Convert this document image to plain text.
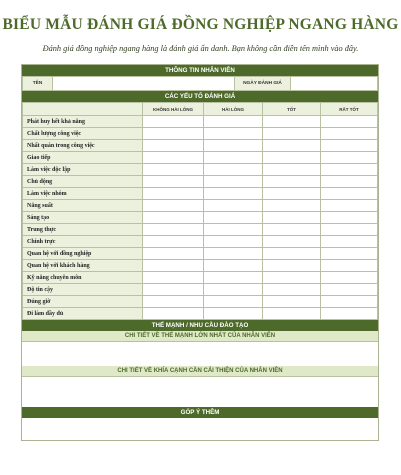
BIỂU MẪU ĐÁNH GIÁ ĐỒNG NGHIỆP NGANG HÀNG
Đánh giá đồng nghiệp ngang hàng là đánh giá ẩn danh. Bạn không cần điền tên mình vào đây.
THÔNG TIN NHÂN VIÊN
TÊN		NGÀY ĐÁNH GIÁ	
CÁC YẾU TỐ ĐÁNH GIÁ
	KHÔNG HÀI LÒNG	HÀI LÒNG	TỐT	RẤT TỐT
Phát huy hết khả năng				
Chất lượng công việc				
Nhất quán trong công việc				
Giao tiếp				
Làm việc độc lập				
Chủ động				
Làm việc nhóm				
Năng suất				
Sáng tạo				
Trung thực				
Chính trực				
Quan hệ với đồng nghiệp				
Quan hệ với khách hàng				
Kỹ năng chuyên môn				
Độ tin cậy				
Đúng giờ				
Đi làm đầy đủ				
THẾ MẠNH / NHU CẦU ĐÀO TẠO
CHI TIẾT VỀ THẾ MẠNH LỚN NHẤT CỦA NHÂN VIÊN
CHI TIẾT VỀ KHÍA CẠNH CẦN CẢI THIỆN CỦA NHÂN VIÊN
GÓP Ý THÊM
